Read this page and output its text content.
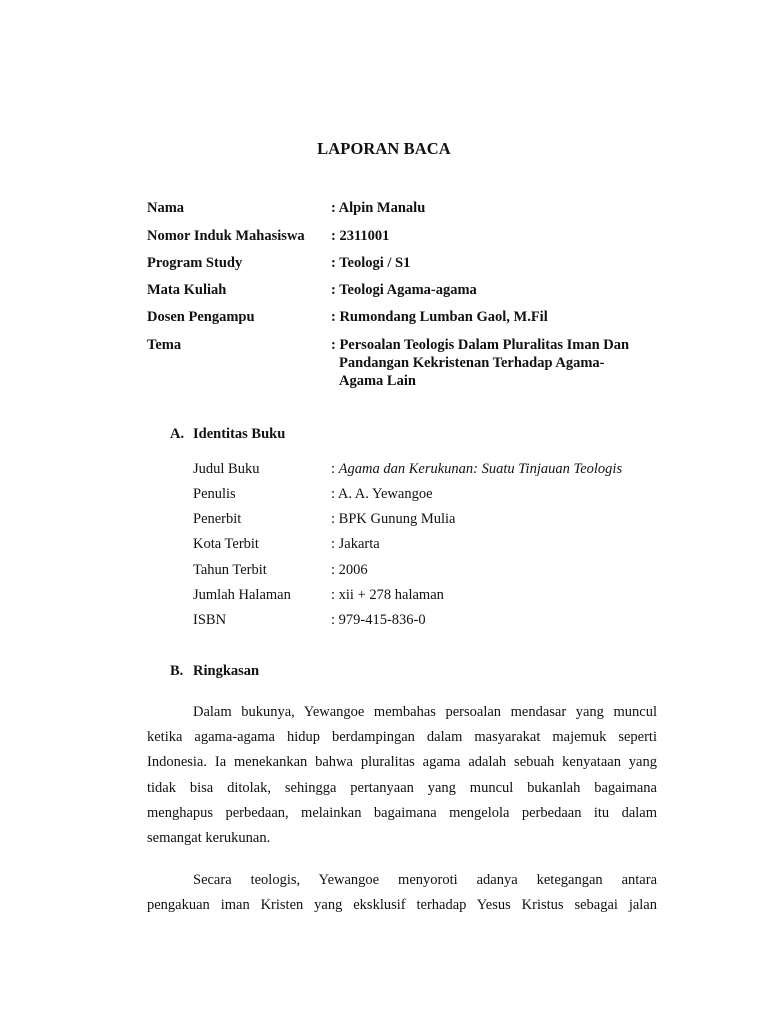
LAPORAN BACA
Nama	: Alpin Manalu
Nomor Induk Mahasiswa : 2311001
Program Study	: Teologi / S1
Mata Kuliah	: Teologi Agama-agama
Dosen Pengampu	: Rumondang Lumban Gaol, M.Fil
Tema	: Persoalan Teologis Dalam Pluralitas Iman Dan
Pandangan Kekristenan Terhadap Agama-
Agama Lain
A. Identitas Buku
Judul Buku	: Agama dan Kerukunan: Suatu Tinjauan Teologis
Penulis	: A. A. Yewangoe
Penerbit	: BPK Gunung Mulia
Kota Terbit	: Jakarta
Tahun Terbit	: 2006
Jumlah Halaman	: xii + 278 halaman
ISBN	: 979-415-836-0
B. Ringkasan
Dalam bukunya, Yewangoe membahas persoalan mendasar yang muncul
ketika agama-agama hidup berdampingan dalam masyarakat majemuk seperti
Indonesia. Ia menekankan bahwa pluralitas agama adalah sebuah kenyataan yang
tidak bisa ditolak, sehingga pertanyaan yang muncul bukanlah bagaimana
menghapus perbedaan, melainkan bagaimana mengelola perbedaan itu dalam
semangat kerukunan.
Secara teologis, Yewangoe menyoroti adanya ketegangan antara
pengakuan iman Kristen yang eksklusif terhadap Yesus Kristus sebagai jalan
